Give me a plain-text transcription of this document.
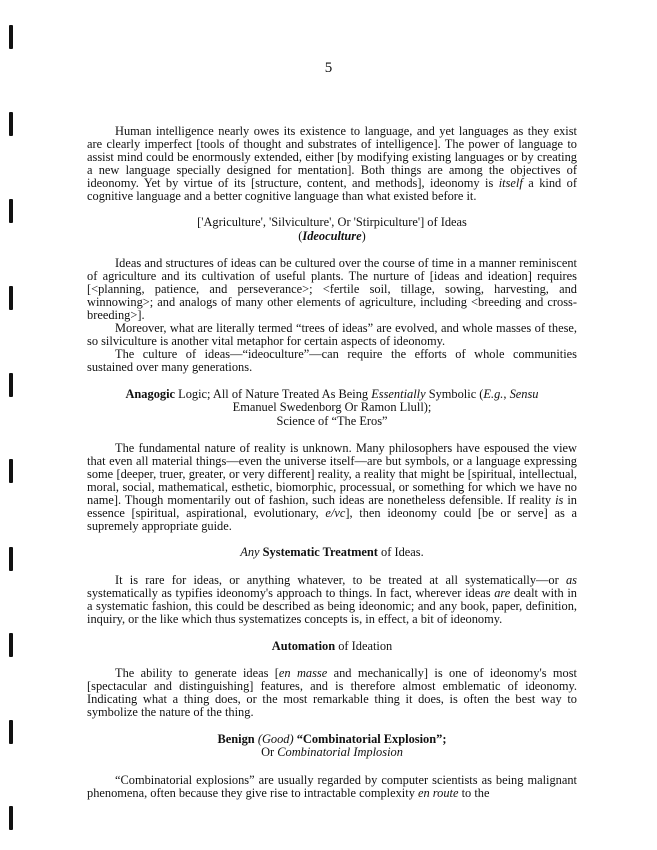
5

Human intelligence nearly owes its existence to language, and yet languages as they exist are clearly imperfect [tools of thought and substrates of intelligence]. The power of language to assist mind could be enormously extended, either [by modifying existing languages or by creating a new language specially designed for mentation]. Both things are among the objectives of ideonomy. Yet by virtue of its [structure, content, and methods], ideonomy is itself a kind of cognitive language and a better cognitive language than what existed before it.

['Agriculture', 'Silviculture', Or 'Stirpiculture'] of Ideas
(Ideoculture)

Ideas and structures of ideas can be cultured over the course of time in a manner reminiscent of agriculture and its cultivation of useful plants. The nurture of [ideas and ideation] requires [<planning, patience, and perseverance>; <fertile soil, tillage, sowing, harvesting, and winnowing>; and analogs of many other elements of agriculture, including <breeding and cross-breeding>].

Moreover, what are literally termed “trees of ideas” are evolved, and whole masses of these, so silviculture is another vital metaphor for certain aspects of ideonomy.

The culture of ideas—“ideoculture”—can require the efforts of whole communities sustained over many generations.

Anagogic Logic; All of Nature Treated As Being Essentially Symbolic (E.g., Sensu
Emanuel Swedenborg Or Ramon Llull);
Science of “The Eros”

The fundamental nature of reality is unknown. Many philosophers have espoused the view that even all material things—even the universe itself—are but symbols, or a language expressing some [deeper, truer, greater, or very different] reality, a reality that might be [spiritual, intellectual, moral, social, mathematical, esthetic, biomorphic, processual, or something for which we have no name]. Though momentarily out of fashion, such ideas are nonetheless defensible. If reality is in essence [spiritual, aspirational, evolutionary, e/vc], then ideonomy could [be or serve] as a supremely appropriate guide.

Any Systematic Treatment of Ideas.

It is rare for ideas, or anything whatever, to be treated at all systematically—or as systematically as typifies ideonomy's approach to things. In fact, wherever ideas are dealt with in a systematic fashion, this could be described as being ideonomic; and any book, paper, definition, inquiry, or the like which thus systematizes concepts is, in effect, a bit of ideonomy.

Automation of Ideation

The ability to generate ideas [en masse and mechanically] is one of ideonomy's most [spectacular and distinguishing] features, and is therefore almost emblematic of ideonomy. Indicating what a thing does, or the most remarkable thing it does, is often the best way to symbolize the nature of the thing.

Benign (Good) “Combinatorial Explosion”;
Or Combinatorial Implosion

“Combinatorial explosions” are usually regarded by computer scientists as being malignant phenomena, often because they give rise to intractable complexity en route to the
